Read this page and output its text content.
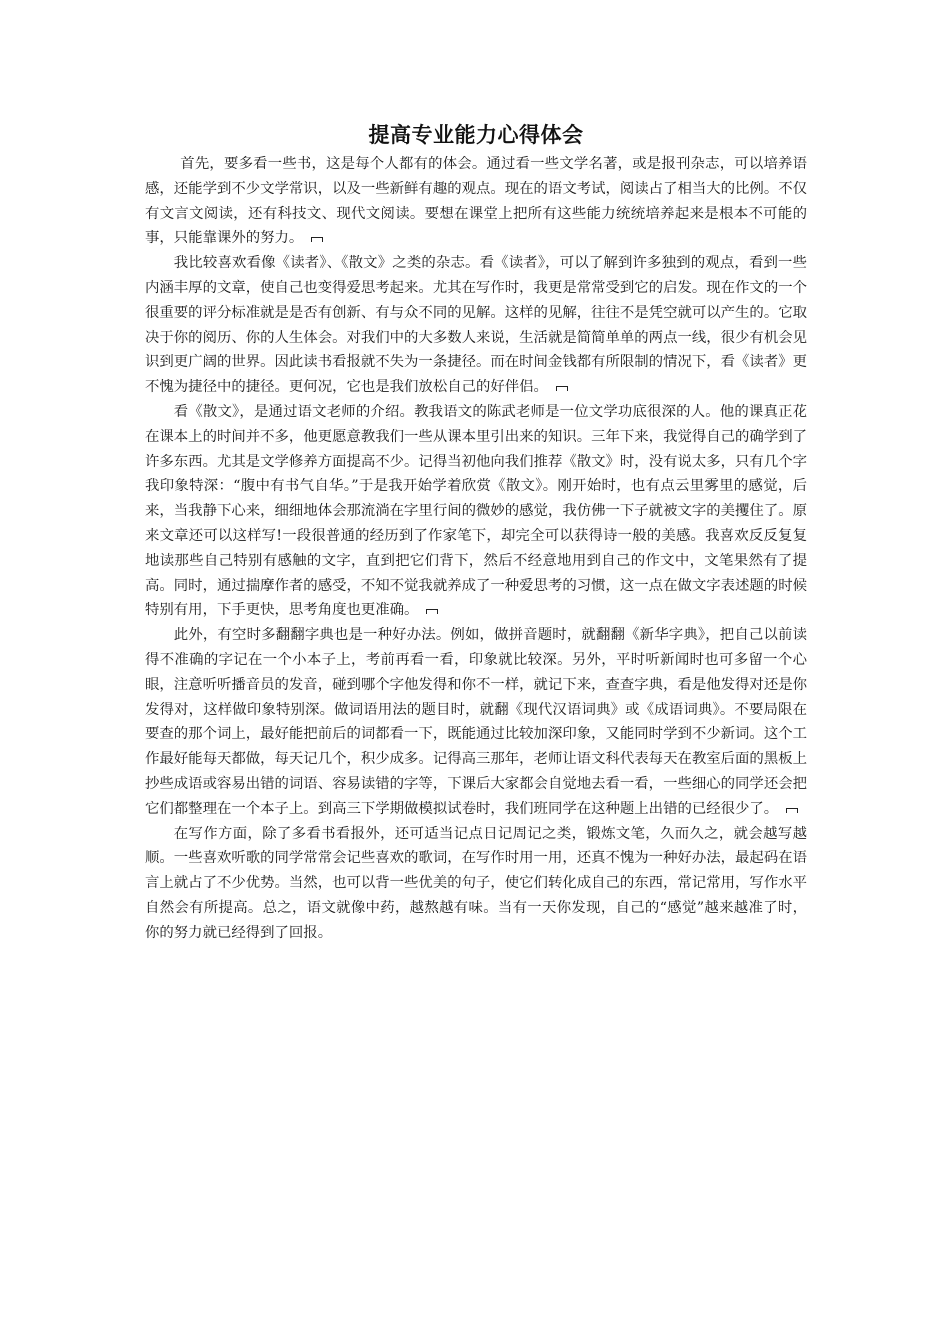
提高专业能力心得体会

首先，要多看一些书，这是每个人都有的体会。通过看一些文学名著，或是报刊杂志，可以培养语感，还能学到不少文学常识，以及一些新鲜有趣的观点。现在的语文考试，阅读占了相当大的比例。不仅有文言文阅读，还有科技文、现代文阅读。要想在课堂上把所有这些能力统统培养起来是根本不可能的事，只能靠课外的努力。

我比较喜欢看像《读者》、《散文》之类的杂志。看《读者》，可以了解到许多独到的观点，看到一些内涵丰厚的文章，使自己也变得爱思考起来。尤其在写作时，我更是常常受到它的启发。现在作文的一个很重要的评分标准就是是否有创新、有与众不同的见解。这样的见解，往往不是凭空就可以产生的。它取决于你的阅历、你的人生体会。对我们中的大多数人来说，生活就是简简单单的两点一线，很少有机会见识到更广阔的世界。因此读书看报就不失为一条捷径。而在时间金钱都有所限制的情况下，看《读者》更不愧为捷径中的捷径。更何况，它也是我们放松自己的好伴侣。

看《散文》，是通过语文老师的介绍。教我语文的陈武老师是一位文学功底很深的人。他的课真正花在课本上的时间并不多，他更愿意教我们一些从课本里引出来的知识。三年下来，我觉得自己的确学到了许多东西。尤其是文学修养方面提高不少。记得当初他向我们推荐《散文》时，没有说太多，只有几个字我印象特深：“腹中有书气自华。”于是我开始学着欣赏《散文》。刚开始时，也有点云里雾里的感觉，后来，当我静下心来，细细地体会那流淌在字里行间的微妙的感觉，我仿佛一下子就被文字的美攫住了。原来文章还可以这样写!一段很普通的经历到了作家笔下，却完全可以获得诗一般的美感。我喜欢反反复复地读那些自己特别有感触的文字，直到把它们背下，然后不经意地用到自己的作文中，文笔果然有了提高。同时，通过揣摩作者的感受，不知不觉我就养成了一种爱思考的习惯，这一点在做文字表述题的时候特别有用，下手更快，思考角度也更准确。

此外，有空时多翻翻字典也是一种好办法。例如，做拼音题时，就翻翻《新华字典》，把自己以前读得不准确的字记在一个小本子上，考前再看一看，印象就比较深。另外，平时听新闻时也可多留一个心眼，注意听听播音员的发音，碰到哪个字他发得和你不一样，就记下来，查查字典，看是他发得对还是你发得对，这样做印象特别深。做词语用法的题目时，就翻《现代汉语词典》或《成语词典》。不要局限在要查的那个词上，最好能把前后的词都看一下，既能通过比较加深印象，又能同时学到不少新词。这个工作最好能每天都做，每天记几个，积少成多。记得高三那年，老师让语文科代表每天在教室后面的黑板上抄些成语或容易出错的词语、容易读错的字等，下课后大家都会自觉地去看一看，一些细心的同学还会把它们都整理在一个本子上。到高三下学期做模拟试卷时，我们班同学在这种题上出错的已经很少了。

在写作方面，除了多看书看报外，还可适当记点日记周记之类，锻炼文笔，久而久之，就会越写越顺。一些喜欢听歌的同学常常会记些喜欢的歌词，在写作时用一用，还真不愧为一种好办法，最起码在语言上就占了不少优势。当然，也可以背一些优美的句子，使它们转化成自己的东西，常记常用，写作水平自然会有所提高。总之，语文就像中药，越熬越有味。当有一天你发现，自己的“感觉”越来越准了时，你的努力就已经得到了回报。
